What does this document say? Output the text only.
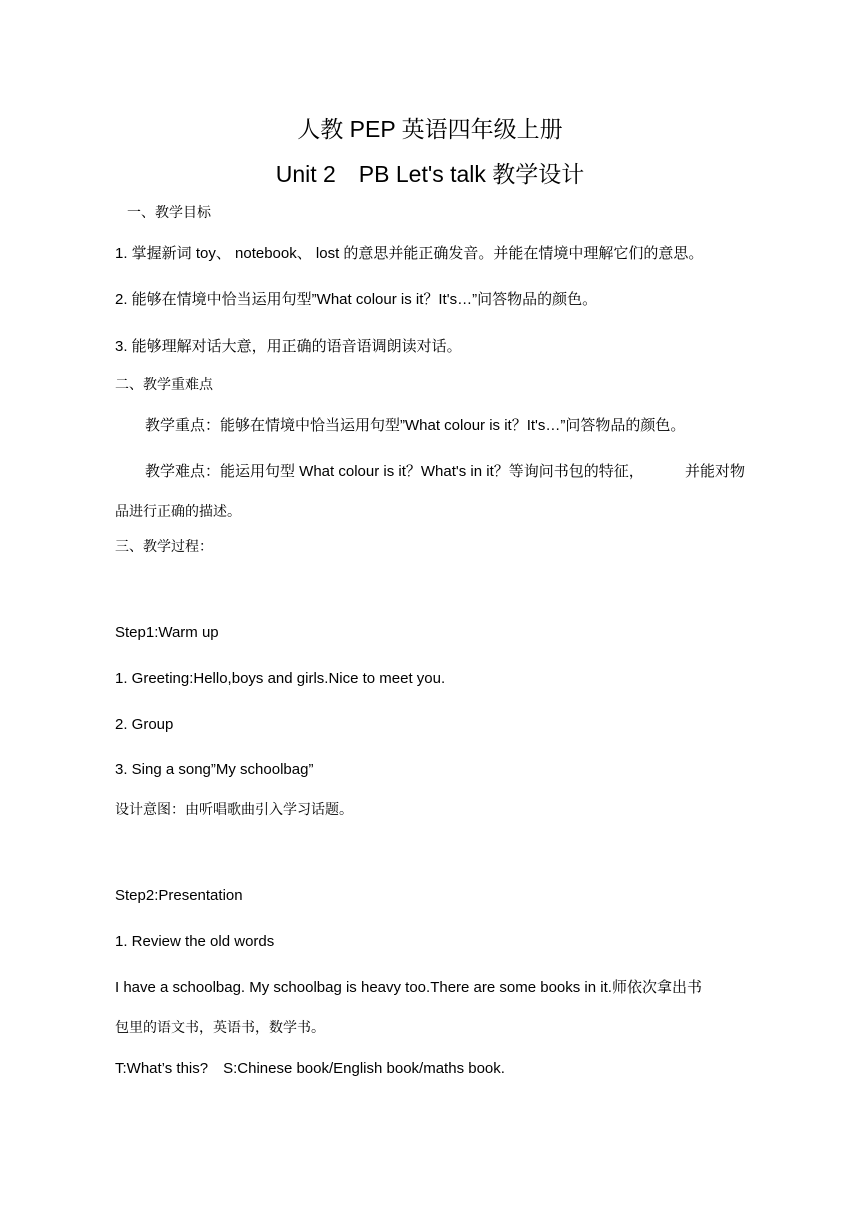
人教 PEP 英语四年级上册
Unit 2　PB Let's talk 教学设计
一、教学目标
1. 掌握新词 toy、 notebook、 lost 的意思并能正确发音。并能在情境中理解它们的意思。
2. 能够在情境中恰当运用句型”What colour is it？It's…”问答物品的颜色。
3. 能够理解对话大意，用正确的语音语调朗读对话。
二、教学重难点
教学重点：能够在情境中恰当运用句型”What colour is it？It's…”问答物品的颜色。
教学难点：能运用句型 What colour is it？What's in it？等询问书包的特征，	并能对物
品进行正确的描述。
三、教学过程：
Step1:Warm up
1. Greeting:Hello,boys and girls.Nice to meet you.
2. Group
3. Sing a song”My schoolbag”
设计意图：由听唱歌曲引入学习话题。
Step2:Presentation
1. Review the old words
I have a schoolbag. My schoolbag is heavy too.There are some books in it.师依次拿出书
包里的语文书，英语书，数学书。
T:What’s this?　S:Chinese book/English book/maths book.
